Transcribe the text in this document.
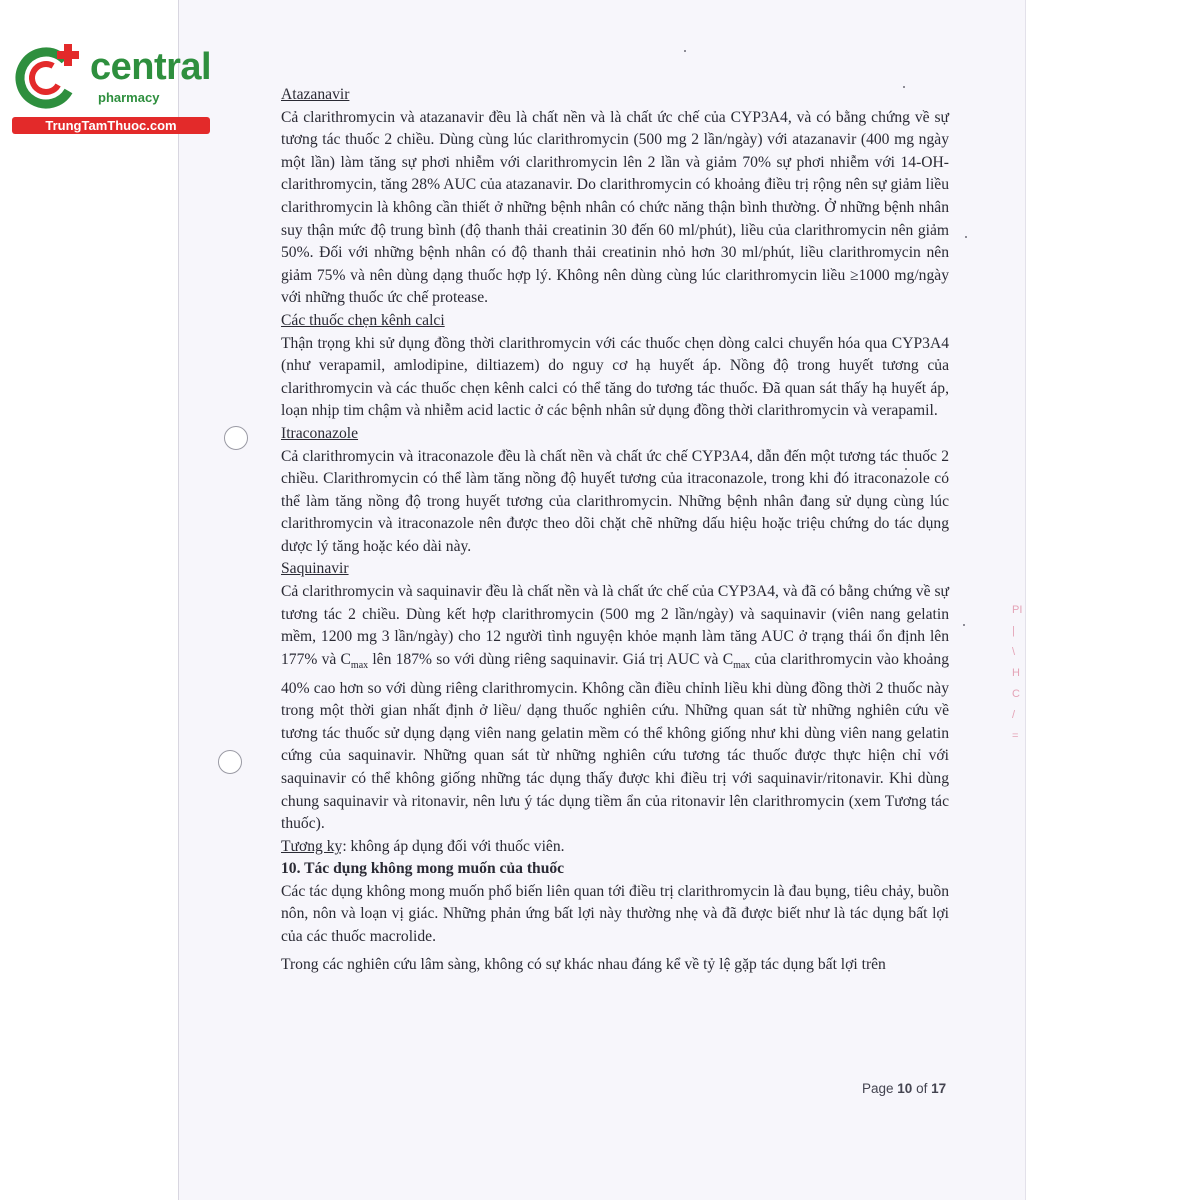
central
pharmacy
TrungTamThuoc.com

Atazanavir

Cả clarithromycin và atazanavir đều là chất nền và là chất ức chế của CYP3A4, và có bằng chứng về sự tương tác thuốc 2 chiều. Dùng cùng lúc clarithromycin (500 mg 2 lần/ngày) với atazanavir (400 mg ngày một lần) làm tăng sự phơi nhiễm với clarithromycin lên 2 lần và giảm 70% sự phơi nhiễm với 14-OH-clarithromycin, tăng 28% AUC của atazanavir. Do clarithromycin có khoảng điều trị rộng nên sự giảm liều clarithromycin là không cần thiết ở những bệnh nhân có chức năng thận bình thường. Ở những bệnh nhân suy thận mức độ trung bình (độ thanh thải creatinin 30 đến 60 ml/phút), liều của clarithromycin nên giảm 50%. Đối với những bệnh nhân có độ thanh thải creatinin nhỏ hơn 30 ml/phút, liều clarithromycin nên giảm 75% và nên dùng dạng thuốc hợp lý. Không nên dùng cùng lúc clarithromycin liều ≥1000 mg/ngày với những thuốc ức chế protease.

Các thuốc chẹn kênh calci

Thận trọng khi sử dụng đồng thời clarithromycin với các thuốc chẹn dòng calci chuyển hóa qua CYP3A4 (như verapamil, amlodipine, diltiazem) do nguy cơ hạ huyết áp. Nồng độ trong huyết tương của clarithromycin và các thuốc chẹn kênh calci có thể tăng do tương tác thuốc. Đã quan sát thấy hạ huyết áp, loạn nhịp tim chậm và nhiễm acid lactic ở các bệnh nhân sử dụng đồng thời clarithromycin và verapamil.

Itraconazole

Cả clarithromycin và itraconazole đều là chất nền và chất ức chế CYP3A4, dẫn đến một tương tác thuốc 2 chiều. Clarithromycin có thể làm tăng nồng độ huyết tương của itraconazole, trong khi đó itraconazole có thể làm tăng nồng độ trong huyết tương của clarithromycin. Những bệnh nhân đang sử dụng cùng lúc clarithromycin và itraconazole nên được theo dõi chặt chẽ những dấu hiệu hoặc triệu chứng do tác dụng dược lý tăng hoặc kéo dài này.

Saquinavir

Cả clarithromycin và saquinavir đều là chất nền và là chất ức chế của CYP3A4, và đã có bằng chứng về sự tương tác 2 chiều. Dùng kết hợp clarithromycin (500 mg 2 lần/ngày) và saquinavir (viên nang gelatin mềm, 1200 mg 3 lần/ngày) cho 12 người tình nguyện khỏe mạnh làm tăng AUC ở trạng thái ổn định lên 177% và $C_{max}$ lên 187% so với dùng riêng saquinavir. Giá trị AUC và $C_{max}$ của clarithromycin vào khoảng 40% cao hơn so với dùng riêng clarithromycin. Không cần điều chỉnh liều khi dùng đồng thời 2 thuốc này trong một thời gian nhất định ở liều/ dạng thuốc nghiên cứu. Những quan sát từ những nghiên cứu về tương tác thuốc sử dụng dạng viên nang gelatin mềm có thể không giống như khi dùng viên nang gelatin cứng của saquinavir. Những quan sát từ những nghiên cứu tương tác thuốc được thực hiện chỉ với saquinavir có thể không giống những tác dụng thấy được khi điều trị với saquinavir/ritonavir. Khi dùng chung saquinavir và ritonavir, nên lưu ý tác dụng tiềm ẩn của ritonavir lên clarithromycin (xem Tương tác thuốc).

Tương kỵ: không áp dụng đối với thuốc viên.

10. Tác dụng không mong muốn của thuốc

Các tác dụng không mong muốn phổ biến liên quan tới điều trị clarithromycin là đau bụng, tiêu chảy, buồn nôn, nôn và loạn vị giác. Những phản ứng bất lợi này thường nhẹ và đã được biết như là tác dụng bất lợi của các thuốc macrolide.

Trong các nghiên cứu lâm sàng, không có sự khác nhau đáng kể về tỷ lệ gặp tác dụng bất lợi trên

Page 10 of 17
PI
|
\
H
C
/
=
